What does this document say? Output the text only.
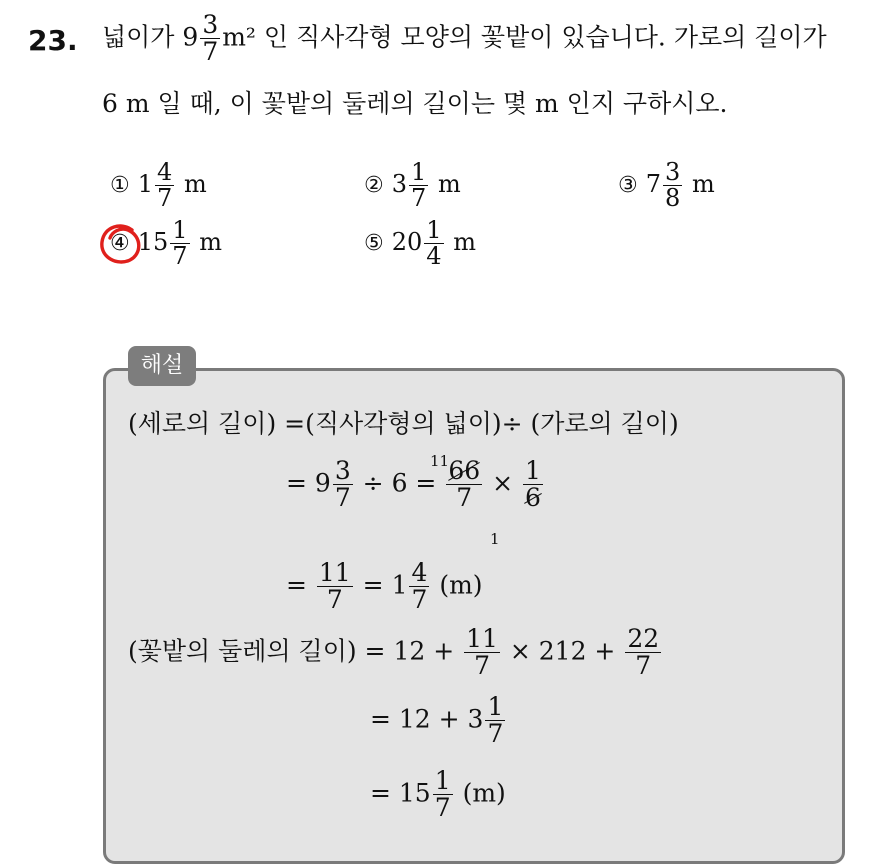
23. 넓이가 $9 \frac{3}{7} m^2$ 인 직사각형 모양의 꽃밭이 있습니다. 가로의 길이가
6 m 일 때, 이 꽃밭의 둘레의 길이는 몇 m 인지 구하시오.
① $1 \frac{4}{7}$ m	② $3 \frac{1}{7}$ m	③ $7 \frac{3}{8}$ m
④ $15 \frac{1}{7}$ m	⑤ $20 \frac{1}{4}$ m
해설
(세로의 길이) =(직사각형의 넓이)÷ (가로의 길이)
= $9 \frac{3}{7} \div 6 = \frac{66}{7} \times \frac{1}{6}$
11
1
= $\frac{11}{7} = 1 \frac{4}{7} (m)$
(꽃밭의 둘레의 길이) = $12 + \frac{11}{7} \times 212 + \frac{22}{7}$
= $12 + 3 \frac{1}{7}$
= $15 \frac{1}{7} (m)$
